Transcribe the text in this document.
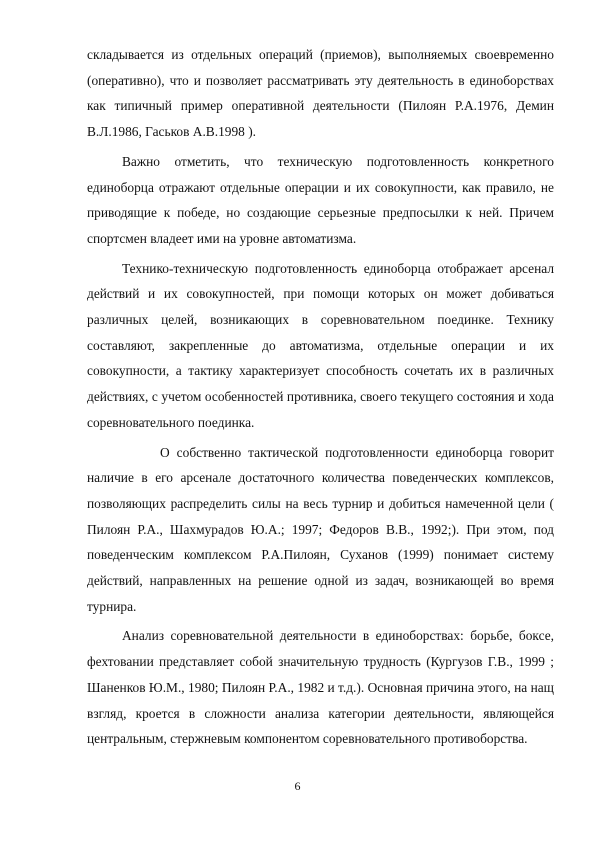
складывается из отдельных операций (приемов), выполняемых своевременно (оперативно), что и позволяет рассматривать эту деятельность в единоборствах как типичный пример оперативной деятельности (Пилоян Р.А.1976, Демин В.Л.1986, Гаськов А.В.1998 ).

Важно отметить, что техническую подготовленность конкретного единоборца отражают отдельные операции и их совокупности, как правило, не приводящие к победе, но создающие серьезные предпосылки к ней. Причем спортсмен владеет ими на уровне автоматизма.

Технико-техническую подготовленность единоборца отображает арсенал действий и их совокупностей, при помощи которых он может добиваться различных целей, возникающих в соревновательном поединке. Технику составляют, закрепленные до автоматизма, отдельные операции и их совокупности, а тактику характеризует способность сочетать их в различных действиях, с учетом особенностей противника, своего текущего состояния и хода соревновательного поединка.

О собственно тактической подготовленности единоборца говорит наличие в его арсенале достаточного количества поведенческих комплексов, позволяющих распределить силы на весь турнир и добиться намеченной цели ( Пилоян Р.А., Шахмурадов Ю.А.; 1997; Федоров В.В., 1992;). При этом, под поведенческим комплексом Р.А.Пилоян, Суханов (1999) понимает систему действий, направленных на решение одной из задач, возникающей во время турнира.

Анализ соревновательной деятельности в единоборствах: борьбе, боксе, фехтовании представляет собой значительную трудность (Кургузов Г.В., 1999 ; Шаненков Ю.М., 1980; Пилоян Р.А., 1982 и т.д.). Основная причина этого, на нащ взгляд, кроется в сложности анализа категории деятельности, являющейся центральным, стержневым компонентом соревновательного противоборства.

6
